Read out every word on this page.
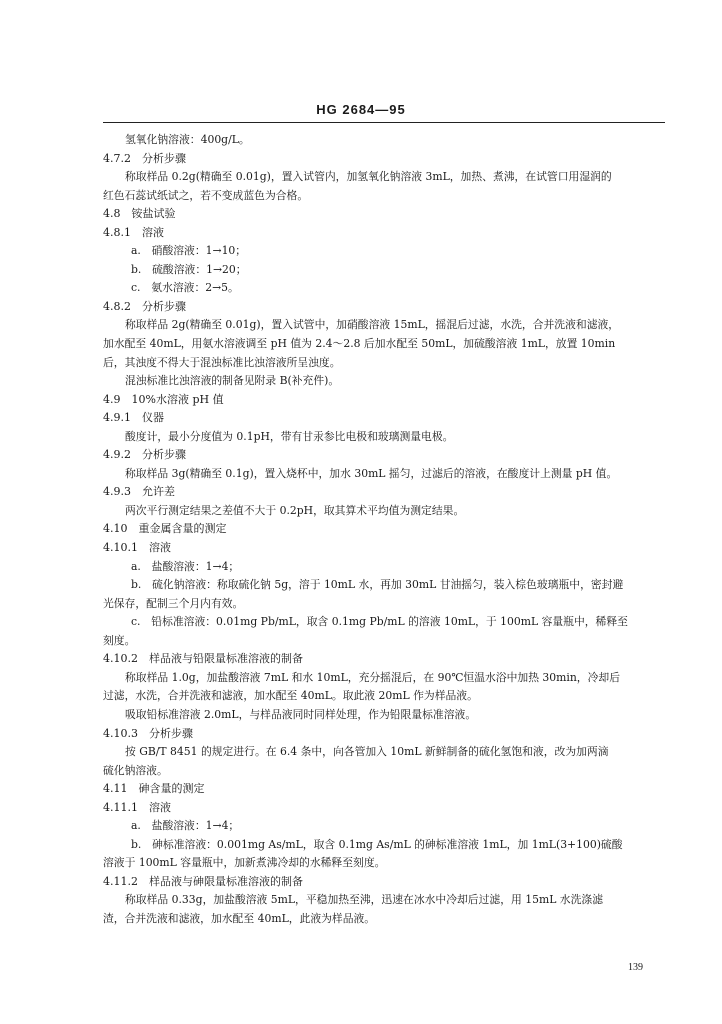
HG 2684—95
氢氧化钠溶液：400g/L。
4.7.2　分析步骤
称取样品 0.2g(精确至 0.01g)，置入试管内，加氢氧化钠溶液 3mL，加热、煮沸，在试管口用湿润的
红色石蕊试纸试之，若不变成蓝色为合格。
4.8　铵盐试验
4.8.1　溶液
a.　硝酸溶液：1→10；
b.　硫酸溶液：1→20；
c.　氨水溶液：2→5。
4.8.2　分析步骤
称取样品 2g(精确至 0.01g)，置入试管中，加硝酸溶液 15mL，摇混后过滤，水洗，合并洗液和滤液，
加水配至 40mL，用氨水溶液调至 pH 值为 2.4～2.8 后加水配至 50mL，加硫酸溶液 1mL，放置 10min
后，其浊度不得大于混浊标准比浊溶液所呈浊度。
混浊标准比浊溶液的制备见附录 B(补充件)。
4.9　10%水溶液 pH 值
4.9.1　仪器
酸度计，最小分度值为 0.1pH，带有甘汞参比电极和玻璃测量电极。
4.9.2　分析步骤
称取样品 3g(精确至 0.1g)，置入烧杯中，加水 30mL 摇匀，过滤后的溶液，在酸度计上测量 pH 值。
4.9.3　允许差
两次平行测定结果之差值不大于 0.2pH，取其算术平均值为测定结果。
4.10　重金属含量的测定
4.10.1　溶液
a.　盐酸溶液：1→4；
b.　硫化钠溶液：称取硫化钠 5g，溶于 10mL 水，再加 30mL 甘油摇匀，装入棕色玻璃瓶中，密封避
光保存，配制三个月内有效。
c.　铅标准溶液：0.01mg Pb/mL，取含 0.1mg Pb/mL 的溶液 10mL，于 100mL 容量瓶中，稀释至
刻度。
4.10.2　样品液与铅限量标准溶液的制备
称取样品 1.0g，加盐酸溶液 7mL 和水 10mL，充分摇混后，在 90℃恒温水浴中加热 30min，冷却后
过滤，水洗，合并洗液和滤液，加水配至 40mL。取此液 20mL 作为样品液。
吸取铅标准溶液 2.0mL，与样品液同时同样处理，作为铅限量标准溶液。
4.10.3　分析步骤
按 GB/T 8451 的规定进行。在 6.4 条中，向各管加入 10mL 新鲜制备的硫化氢饱和液，改为加两滴
硫化钠溶液。
4.11　砷含量的测定
4.11.1　溶液
a.　盐酸溶液：1→4；
b.　砷标准溶液：0.001mg As/mL，取含 0.1mg As/mL 的砷标准溶液 1mL，加 1mL(3+100)硫酸
溶液于 100mL 容量瓶中，加新煮沸冷却的水稀释至刻度。
4.11.2　样品液与砷限量标准溶液的制备
称取样品 0.33g，加盐酸溶液 5mL，平稳加热至沸，迅速在冰水中冷却后过滤，用 15mL 水洗涤滤
渣，合并洗液和滤液，加水配至 40mL，此液为样品液。
139
